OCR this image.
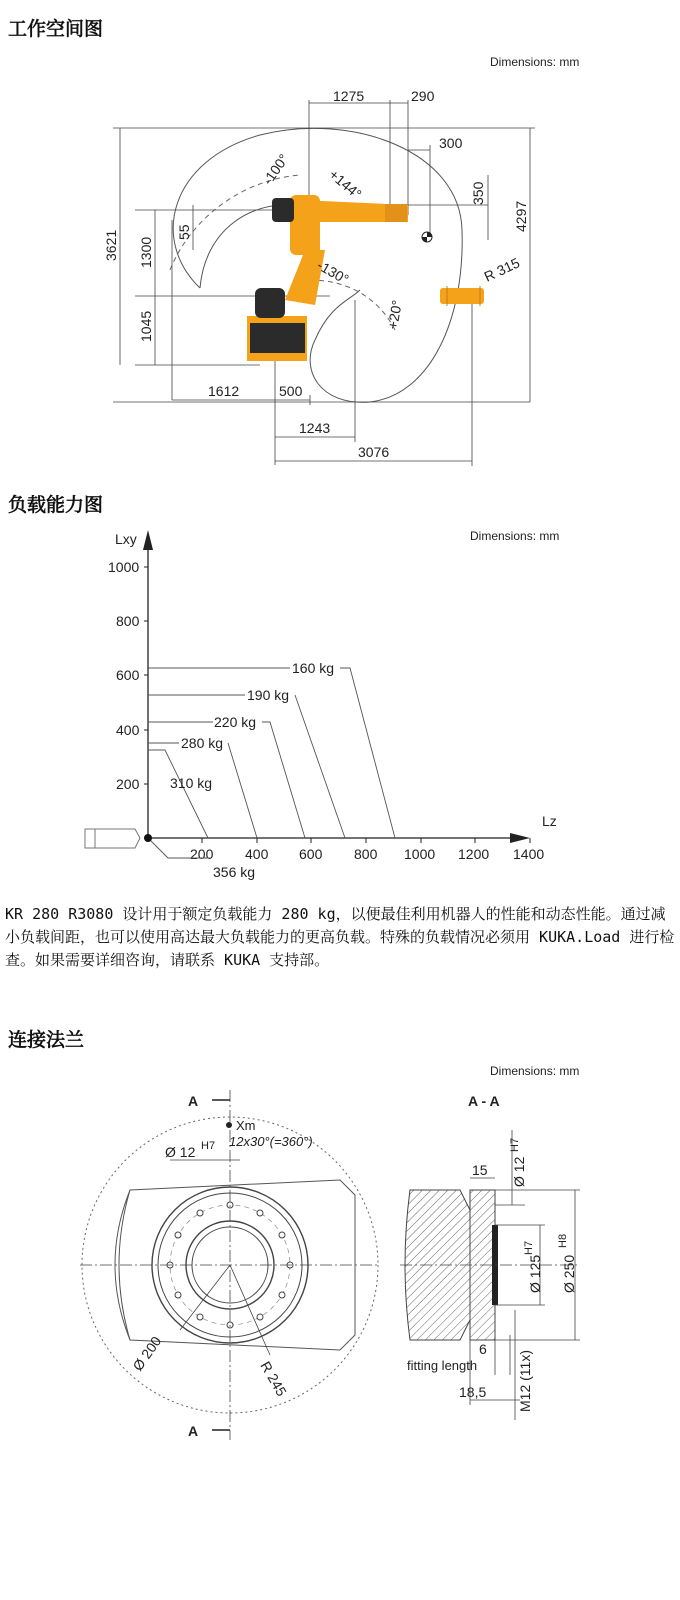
工作空间图
Dimensions: mm
1275	290
300
350
4297
3621 1300
55
1045
1612	500
1243
3076
R 315
-100° +144°
-130°
+20°
负载能力图
Dimensions: mm
Lxy
Lz
1000
800
600
400
200
200 400 600 800 1000 1200 1400
160 kg
190 kg
220 kg
280 kg
310 kg
356 kg
KR 280 R3080 设计用于额定负载能力 280 kg，以便最佳利用机器人的性能和动态性能。通过减小负载间距，也可以使用高达最大负载能力的更高负载。特殊的负载情况必须用 KUKA.Load 进行检查。如果需要详细咨询，请联系 KUKA 支持部。
连接法兰
Dimensions: mm
A
A
Xm
Ø 12 H7 12x30°(=360°)
Ø 200
R 245
A - A
15 Ø 12
H7
Ø 125
H7
Ø 250
H8
6
fitting length
18,5 M12 (11x)
